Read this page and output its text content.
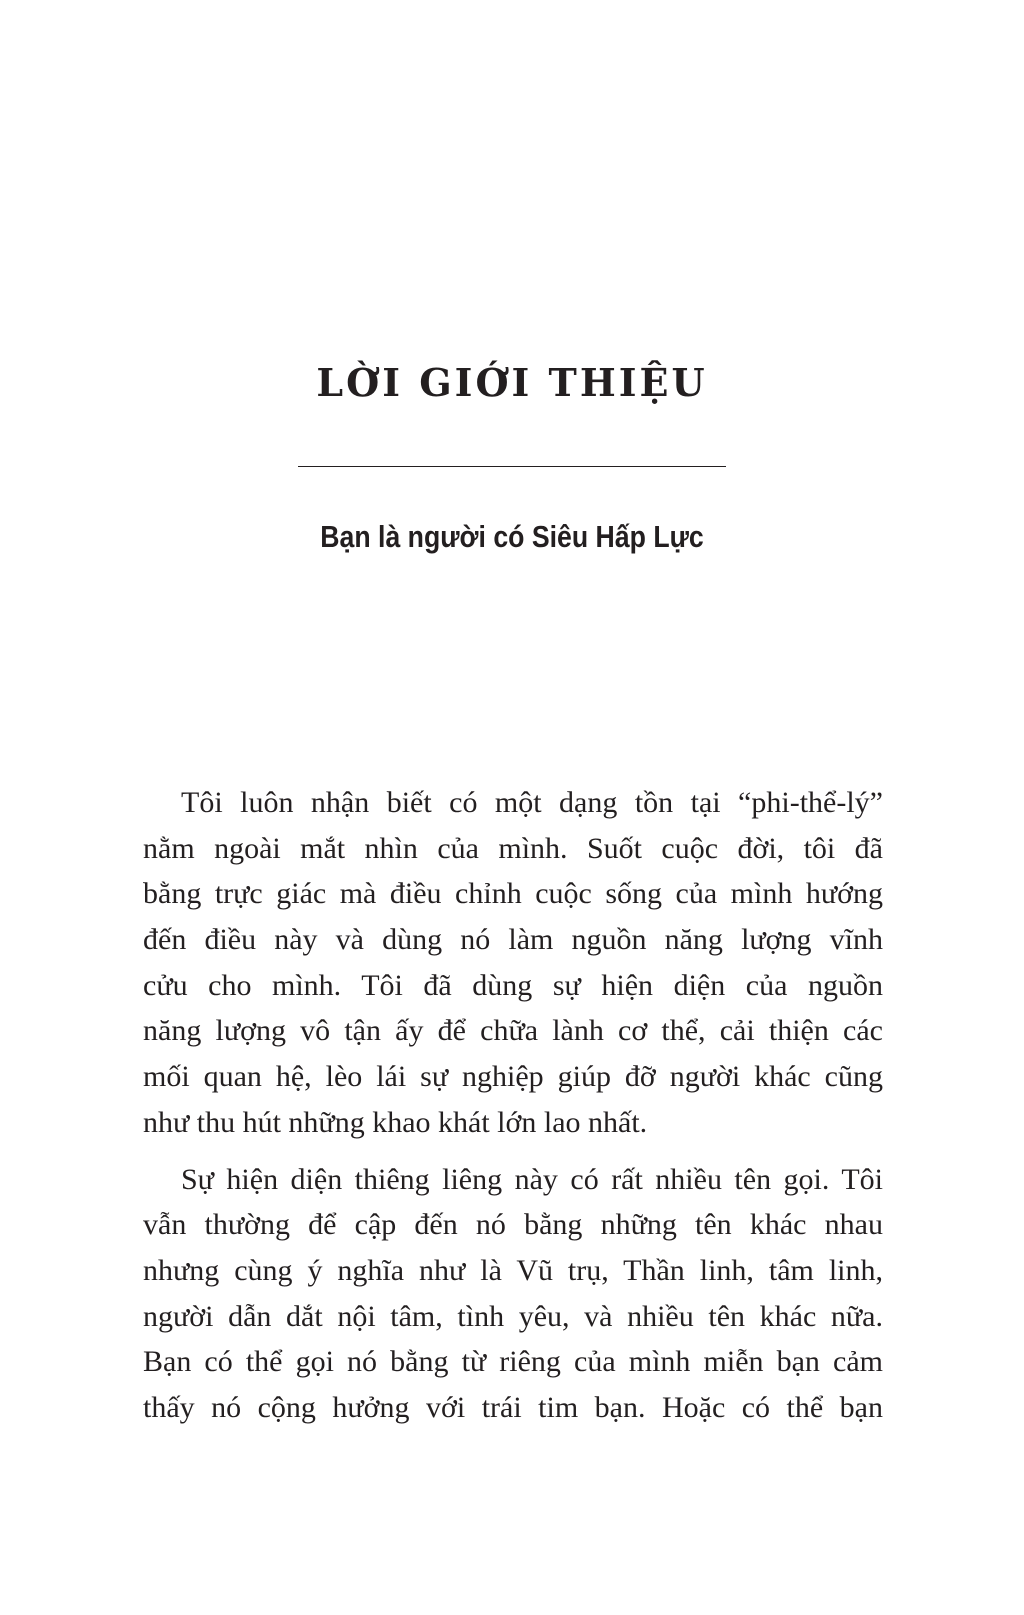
LỜI GIỚI THIỆU
Bạn là người có Siêu Hấp Lực
Tôi luôn nhận biết có một dạng tồn tại “phi-thể-lý”
nằm ngoài mắt nhìn của mình. Suốt cuộc đời, tôi đã
bằng trực giác mà điều chỉnh cuộc sống của mình hướng
đến điều này và dùng nó làm nguồn năng lượng vĩnh
cửu cho mình. Tôi đã dùng sự hiện diện của nguồn
năng lượng vô tận ấy để chữa lành cơ thể, cải thiện các
mối quan hệ, lèo lái sự nghiệp giúp đỡ người khác cũng
như thu hút những khao khát lớn lao nhất.
Sự hiện diện thiêng liêng này có rất nhiều tên gọi. Tôi
vẫn thường để cập đến nó bằng những tên khác nhau
nhưng cùng ý nghĩa như là Vũ trụ, Thần linh, tâm linh,
người dẫn dắt nội tâm, tình yêu, và nhiều tên khác nữa.
Bạn có thể gọi nó bằng từ riêng của mình miễn bạn cảm
thấy nó cộng hưởng với trái tim bạn. Hoặc có thể bạn
